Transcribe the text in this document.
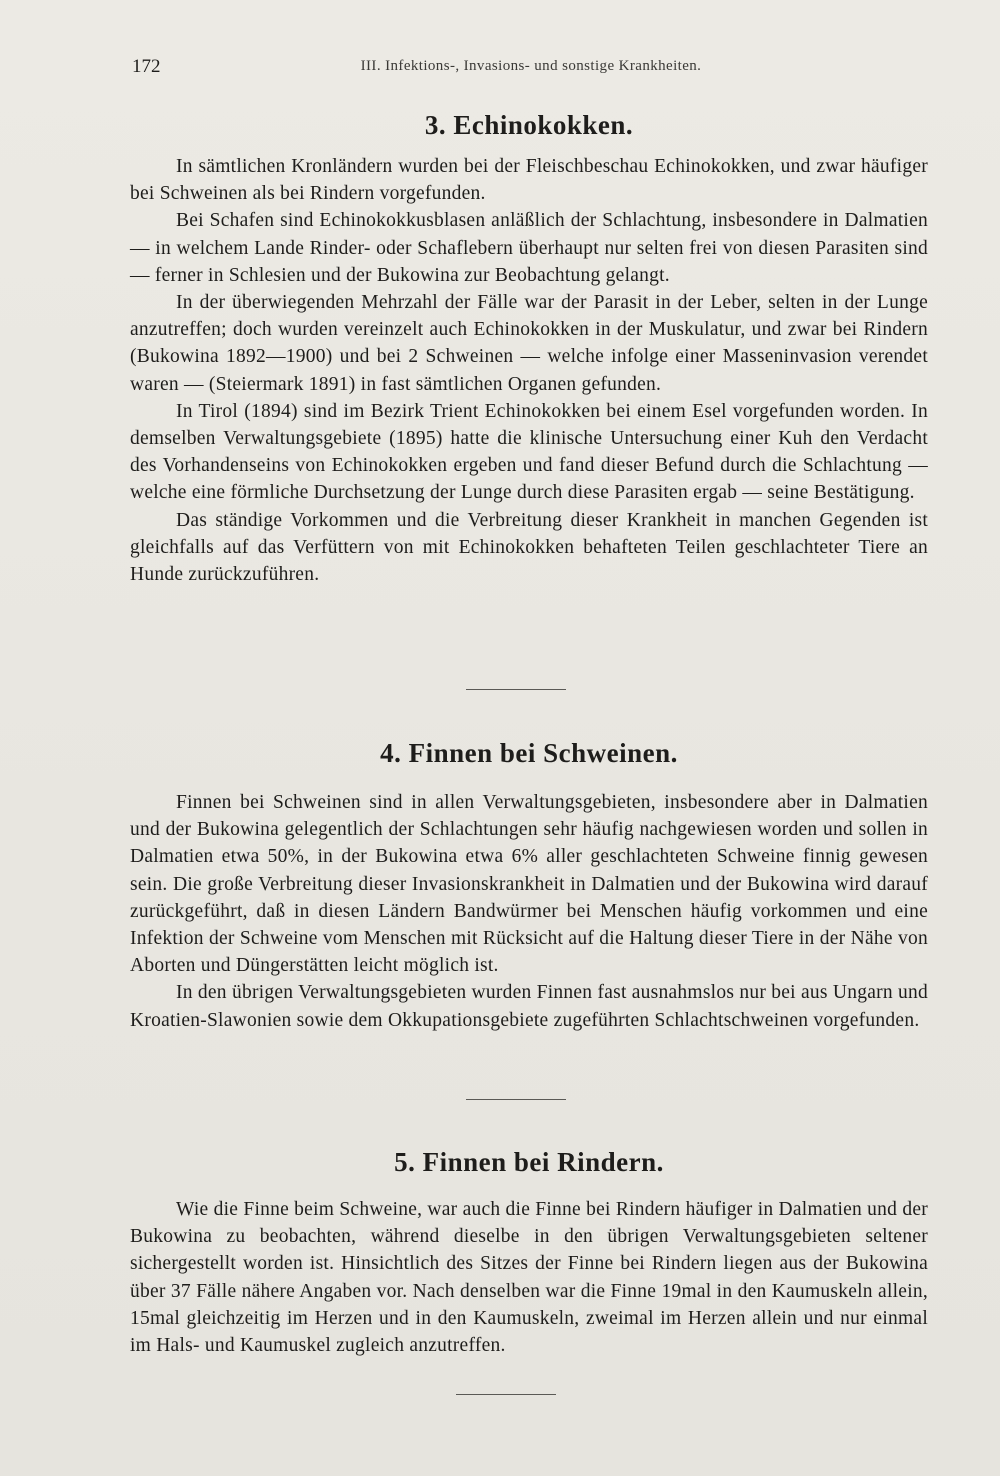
172	III. Infektions-, Invasions- und sonstige Krankheiten.
3. Echinokokken.

In sämtlichen Kronländern wurden bei der Fleischbeschau Echinokokken, und zwar häufiger bei Schweinen als bei Rindern vorgefunden.

Bei Schafen sind Echinokokkusblasen anläßlich der Schlachtung, insbesondere in Dalmatien — in welchem Lande Rinder- oder Schaflebern überhaupt nur selten frei von diesen Parasiten sind — ferner in Schlesien und der Bukowina zur Beobachtung gelangt.

In der überwiegenden Mehrzahl der Fälle war der Parasit in der Leber, selten in der Lunge anzutreffen; doch wurden vereinzelt auch Echinokokken in der Muskulatur, und zwar bei Rindern (Bukowina 1892—1900) und bei 2 Schweinen — welche infolge einer Masseninvasion verendet waren — (Steiermark 1891) in fast sämtlichen Organen gefunden.

In Tirol (1894) sind im Bezirk Trient Echinokokken bei einem Esel vorgefunden worden. In demselben Verwaltungsgebiete (1895) hatte die klinische Untersuchung einer Kuh den Verdacht des Vorhandenseins von Echinokokken ergeben und fand dieser Befund durch die Schlachtung — welche eine förmliche Durchsetzung der Lunge durch diese Parasiten ergab — seine Bestätigung.

Das ständige Vorkommen und die Verbreitung dieser Krankheit in manchen Gegenden ist gleichfalls auf das Verfüttern von mit Echinokokken behafteten Teilen geschlachteter Tiere an Hunde zurückzuführen.

4. Finnen bei Schweinen.

Finnen bei Schweinen sind in allen Verwaltungsgebieten, insbesondere aber in Dalmatien und der Bukowina gelegentlich der Schlachtungen sehr häufig nachgewiesen worden und sollen in Dalmatien etwa 50%, in der Bukowina etwa 6% aller geschlachteten Schweine finnig gewesen sein. Die große Verbreitung dieser Invasionskrankheit in Dalmatien und der Bukowina wird darauf zurückgeführt, daß in diesen Ländern Bandwürmer bei Menschen häufig vorkommen und eine Infektion der Schweine vom Menschen mit Rücksicht auf die Haltung dieser Tiere in der Nähe von Aborten und Düngerstätten leicht möglich ist.

In den übrigen Verwaltungsgebieten wurden Finnen fast ausnahmslos nur bei aus Ungarn und Kroatien-Slawonien sowie dem Okkupationsgebiete zugeführten Schlachtschweinen vorgefunden.

5. Finnen bei Rindern.

Wie die Finne beim Schweine, war auch die Finne bei Rindern häufiger in Dalmatien und der Bukowina zu beobachten, während dieselbe in den übrigen Verwaltungsgebieten seltener sichergestellt worden ist. Hinsichtlich des Sitzes der Finne bei Rindern liegen aus der Bukowina über 37 Fälle nähere Angaben vor. Nach denselben war die Finne 19mal in den Kaumuskeln allein, 15mal gleichzeitig im Herzen und in den Kaumuskeln, zweimal im Herzen allein und nur einmal im Hals- und Kaumuskel zugleich anzutreffen.
